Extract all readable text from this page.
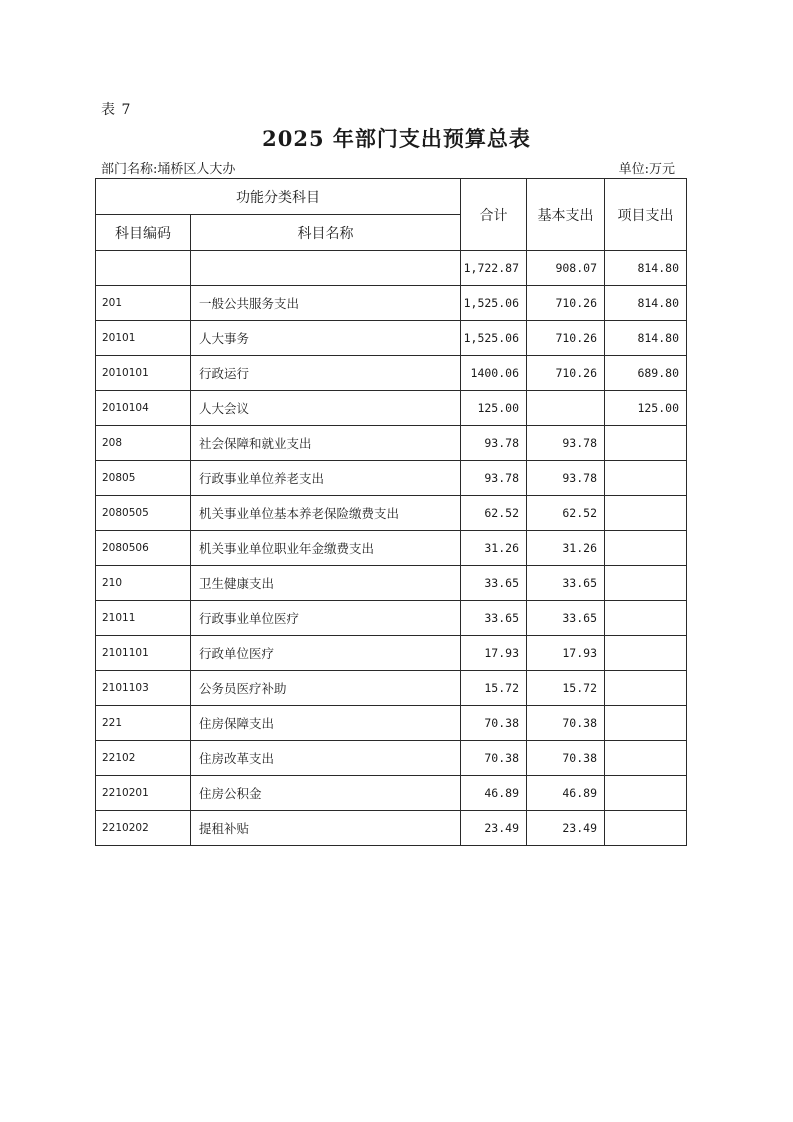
表 7
2025 年部门支出预算总表
部门名称:埇桥区人大办	单位:万元
功能分类科目		合计	基本支出	项目支出
科目编码	科目名称			
		1,722.87	908.07	814.80
201	一般公共服务支出	1,525.06	710.26	814.80
20101	人大事务	1,525.06	710.26	814.80
2010101	行政运行	1400.06	710.26	689.80
2010104	人大会议	125.00		125.00
208	社会保障和就业支出	93.78	93.78	
20805	行政事业单位养老支出	93.78	93.78	
2080505	机关事业单位基本养老保险缴费支出	62.52	62.52	
2080506	机关事业单位职业年金缴费支出	31.26	31.26	
210	卫生健康支出	33.65	33.65	
21011	行政事业单位医疗	33.65	33.65	
2101101	行政单位医疗	17.93	17.93	
2101103	公务员医疗补助	15.72	15.72	
221	住房保障支出	70.38	70.38	
22102	住房改革支出	70.38	70.38	
2210201	住房公积金	46.89	46.89	
2210202	提租补贴	23.49	23.49	
